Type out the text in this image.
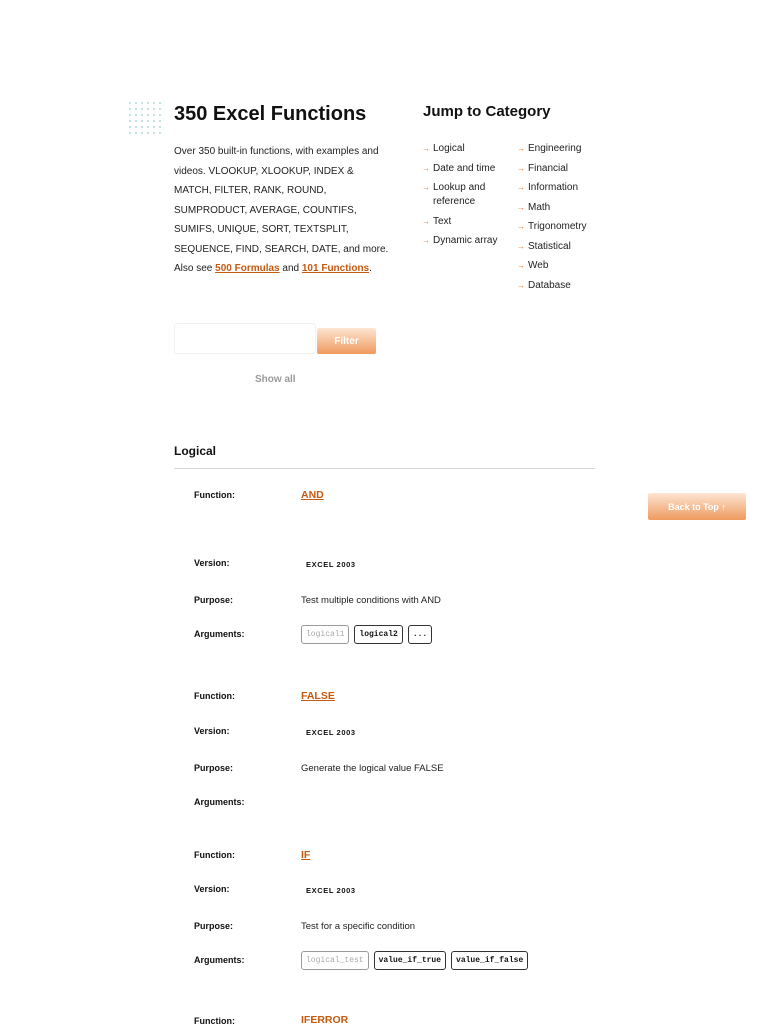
350 Excel Functions

Over 350 built-in functions, with examples and videos. VLOOKUP, XLOOKUP, INDEX & MATCH, FILTER, RANK, ROUND, SUMPRODUCT, AVERAGE, COUNTIFS, SUMIFS, UNIQUE, SORT, TEXTSPLIT, SEQUENCE, FIND, SEARCH, DATE, and more. Also see 500 Formulas and 101 Functions.

Jump to Category
→ Logical
→ Date and time
→ Lookup and reference
→ Text
→ Dynamic array
→ Engineering
→ Financial
→ Information
→ Math
→ Trigonometry
→ Statistical
→ Web
→ Database
Filter
Show all
Logical
Back to Top ↑
Function:	AND
Version:	EXCEL 2003
Purpose:	Test multiple conditions with AND
Arguments:	logical1	logical2	...
Function:	FALSE
Version:	EXCEL 2003
Purpose:	Generate the logical value FALSE
Arguments:
Function:	IF
Version:	EXCEL 2003
Purpose:	Test for a specific condition
Arguments:	logical_test	value_if_true	value_if_false
Function:	IFERROR
